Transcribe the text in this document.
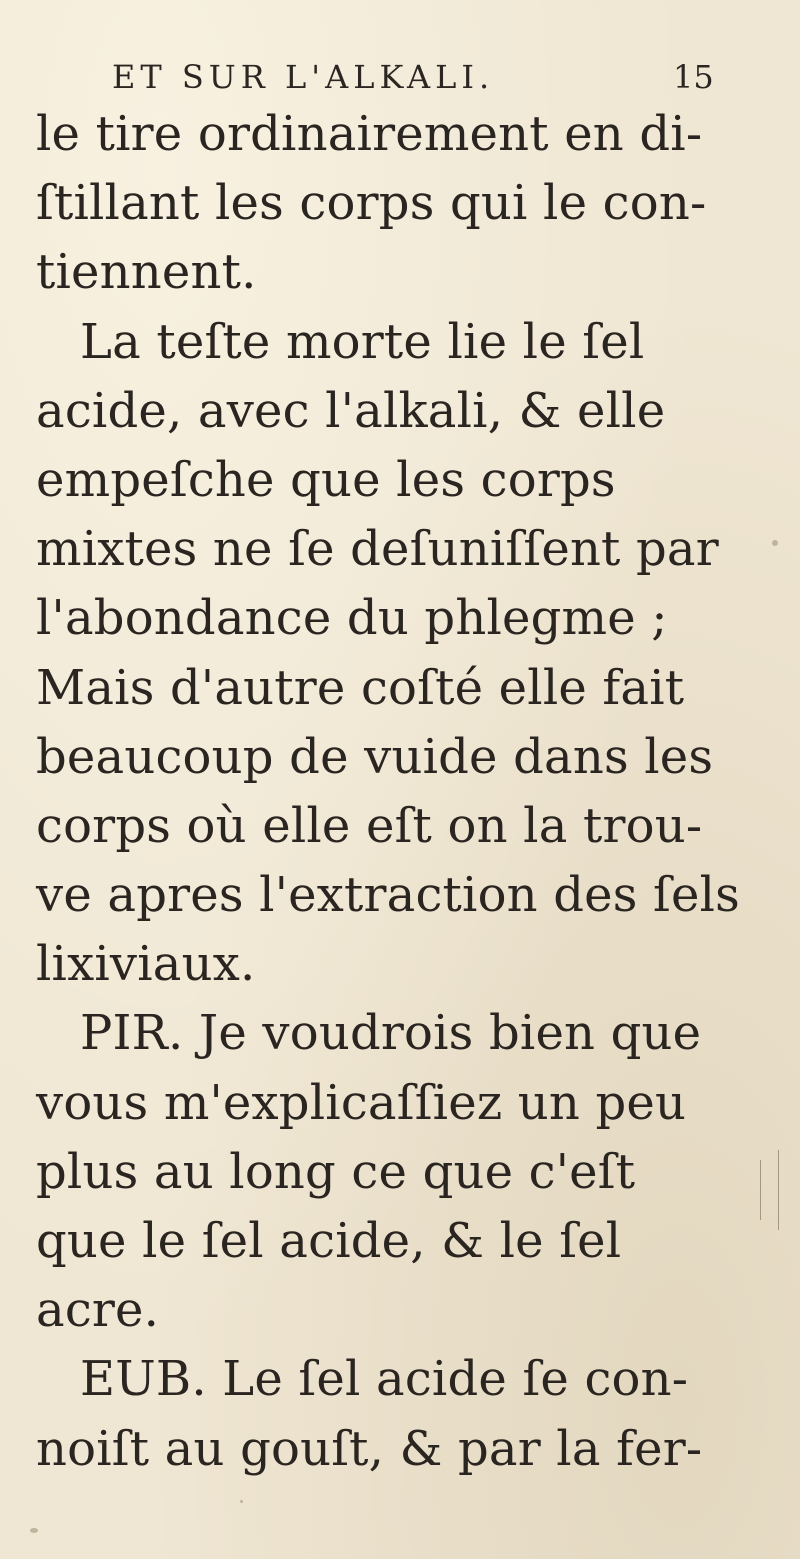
ET SUR L'ALKALI.	15
le tire ordinairement en di-
ſtillant les corps qui le con-
tiennent.
La teſte morte lie le ſel
acide, avec l'alkali, & elle
empeſche que les corps
mixtes ne ſe deſuniſſent par
l'abondance du phlegme ;
Mais d'autre coſté elle fait
beaucoup de vuide dans les
corps où elle eſt on la trou-
ve apres l'extraction des ſels
lixiviaux.
PIR. Je voudrois bien que
vous m'explicaſſiez un peu
plus au long ce que c'eſt
que le ſel acide, & le ſel
acre.
EUB. Le ſel acide ſe con-
noiſt au gouſt, & par la fer-
